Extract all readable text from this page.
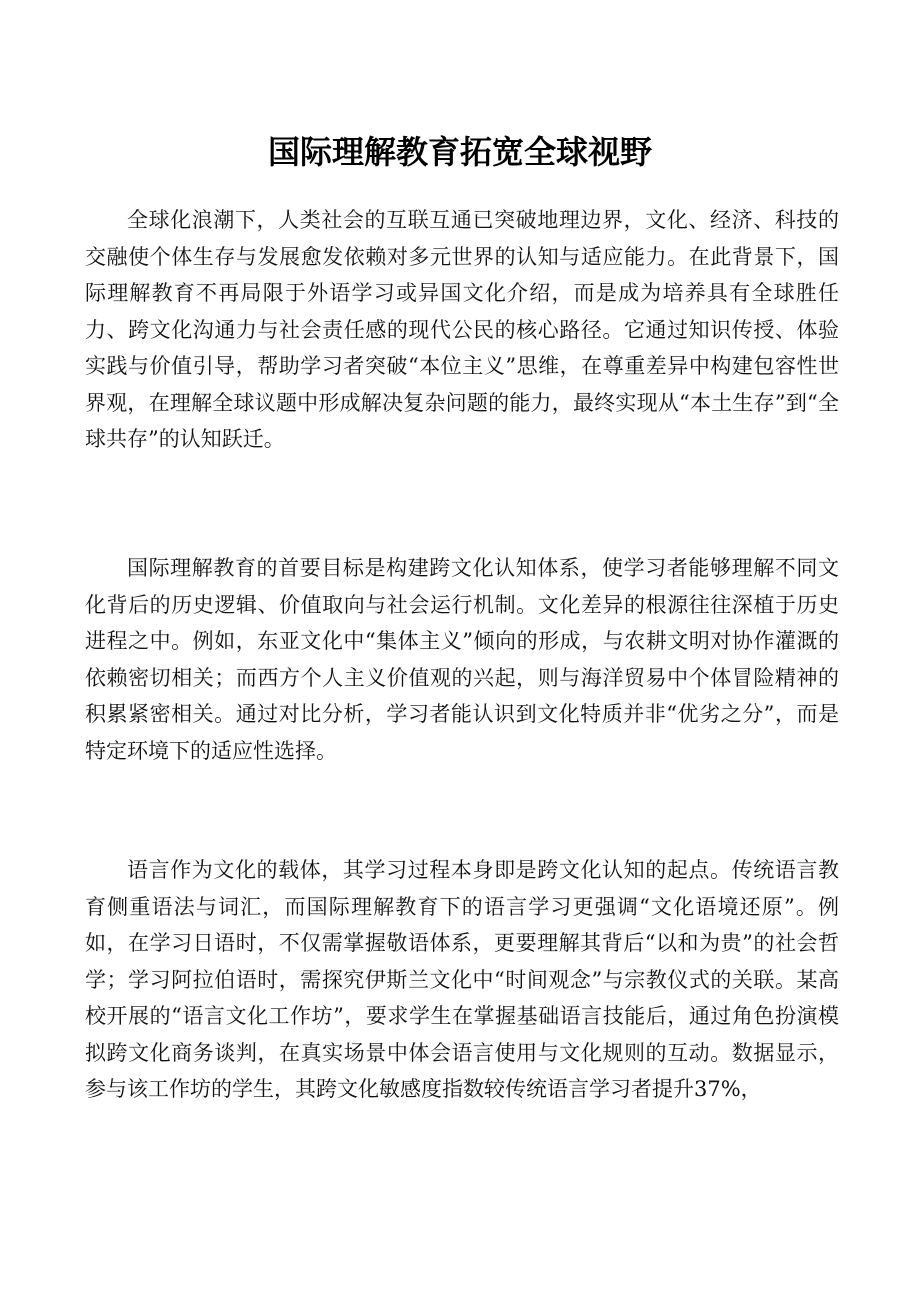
国际理解教育拓宽全球视野

全球化浪潮下，人类社会的互联互通已突破地理边界，文化、经济、科技的交融使个体生存与发展愈发依赖对多元世界的认知与适应能力。在此背景下，国际理解教育不再局限于外语学习或异国文化介绍，而是成为培养具有全球胜任力、跨文化沟通力与社会责任感的现代公民的核心路径。它通过知识传授、体验实践与价值引导，帮助学习者突破“本位主义”思维，在尊重差异中构建包容性世界观，在理解全球议题中形成解决复杂问题的能力，最终实现从“本土生存”到“全球共存”的认知跃迁。

国际理解教育的首要目标是构建跨文化认知体系，使学习者能够理解不同文化背后的历史逻辑、价值取向与社会运行机制。文化差异的根源往往深植于历史进程之中。例如，东亚文化中“集体主义”倾向的形成，与农耕文明对协作灌溉的依赖密切相关；而西方个人主义价值观的兴起，则与海洋贸易中个体冒险精神的积累紧密相关。通过对比分析，学习者能认识到文化特质并非“优劣之分”，而是特定环境下的适应性选择。

语言作为文化的载体，其学习过程本身即是跨文化认知的起点。传统语言教育侧重语法与词汇，而国际理解教育下的语言学习更强调“文化语境还原”。例如，在学习日语时，不仅需掌握敬语体系，更要理解其背后“以和为贵”的社会哲学；学习阿拉伯语时，需探究伊斯兰文化中“时间观念”与宗教仪式的关联。某高校开展的“语言文化工作坊”，要求学生在掌握基础语言技能后，通过角色扮演模拟跨文化商务谈判，在真实场景中体会语言使用与文化规则的互动。数据显示，参与该工作坊的学生，其跨文化敏感度指数较传统语言学习者提升37%，
